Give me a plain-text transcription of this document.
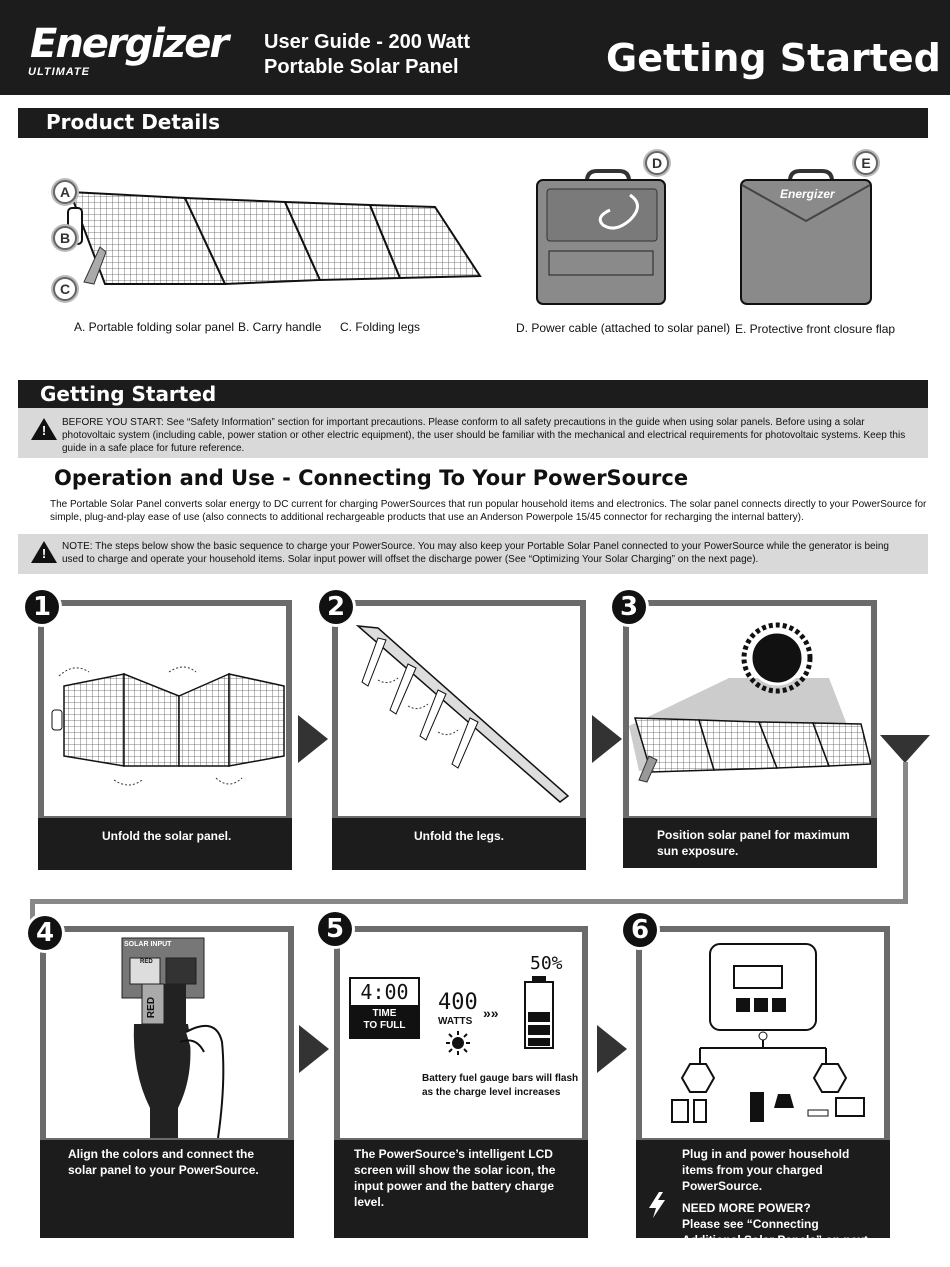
Energizer
ULTIMATE
User Guide - 200 Watt
Portable Solar Panel	Getting Started
Product Details
A
B
C
D
Energizer
E
A. Portable folding solar panel B. Carry handle C. Folding legs	D. Power cable (attached to solar panel) E. Protective front closure flap
Getting Started
!
BEFORE YOU START: See “Safety Information” section for important precautions. Please conform to all safety precautions in the guide when using solar panels. Before using a solar photovoltaic system (including cable, power station or other electric equipment), the user should be familiar with the mechanical and electrical requirements for photovoltaic systems. Keep this guide in a safe place for future reference.
Operation and Use - Connecting To Your PowerSource
The Portable Solar Panel converts solar energy to DC current for charging PowerSources that run popular household items and electronics. The solar panel connects directly to your PowerSource for simple, plug-and-play ease of use (also connects to additional rechargeable products that use an Anderson Powerpole 15/45 connector for recharging the internal battery).
!	NOTE: The steps below show the basic sequence to charge your PowerSource. You may also keep your Portable Solar Panel connected to your PowerSource while the generator is being used to charge and operate your household items. Solar input power will offset the discharge power (See “Optimizing Your Solar Charging” on the next page).
1
Unfold the solar panel.
2
Unfold the legs.
3
Position solar panel for maximum sun exposure.
SOLAR INPUT
RED
RED
4
Align the colors and connect the solar panel to your PowerSource.
4:00
TIME
TO FULL
400
WATTS
»»
50%
Battery fuel gauge bars will flash as the charge level increases
5
The PowerSource’s intelligent LCD screen will show the solar icon, the input power and the battery charge level.
6
Plug in and power household items from your charged PowerSource.
NEED MORE POWER?
Please see “Connecting Additional Solar Panels” on next page.
